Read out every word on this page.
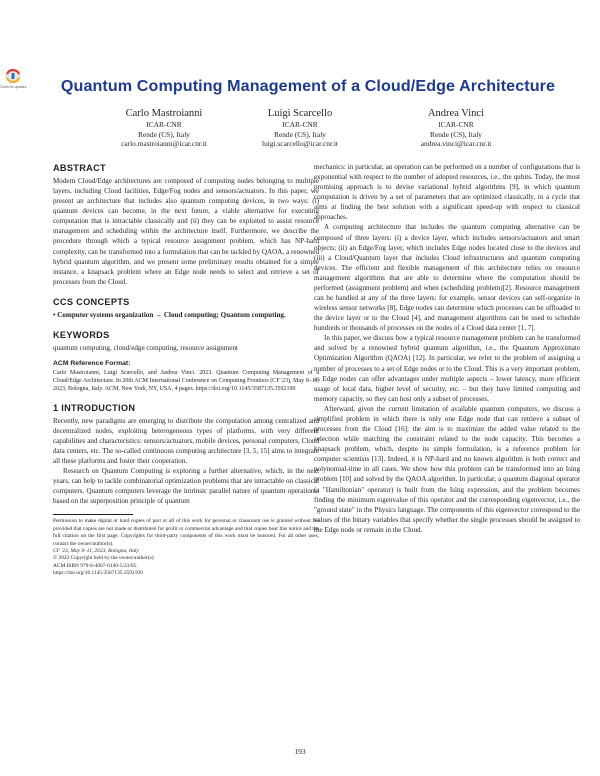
Check for updates	Quantum Computing Management of a Cloud/Edge Architecture
Carlo Mastroianni
ICAR-CNR
Rende (CS), Italy
carlo.mastroianni@icar.cnr.it
Luigi Scarcello
ICAR-CNR
Rende (CS), Italy
luigi.scarcello@icar.cnr.it
Andrea Vinci
ICAR-CNR
Rende (CS), Italy
andrea.vinci@icar.cnr.it
ABSTRACT

Modern Cloud/Edge architectures are composed of computing nodes belonging to multiple layers, including Cloud facilities, Edge/Fog nodes and sensors/actuators. In this paper, we present an architecture that includes also quantum computing devices, in two ways: (i) quantum devices can become, in the next future, a viable alternative for executing computation that is intractable classically and (ii) they can be exploited to assist resource management and scheduling within the architecture itself. Furthermore, we describe the procedure through which a typical resource assignment problem, which has NP-hard complexity, can be transformed into a formulation that can be tackled by QAOA, a renowned hybrid quantum algorithm, and we present some preliminary results obtained for a simple instance, a knapsack problem where an Edge node needs to select and retrieve a set of processes from the Cloud.

CCS CONCEPTS

• Computer systems organization → Cloud computing; Quantum computing.

KEYWORDS

quantum computing, cloud/edge computing, resource assignment

ACM Reference Format:

Carlo Mastroianni, Luigi Scarcello, and Andrea Vinci. 2023. Quantum Computing Management of a Cloud/Edge Architecture. In 20th ACM International Conference on Computing Frontiers (CF '23), May 9–11, 2023, Bologna, Italy. ACM, New York, NY, USA, 4 pages. https://doi.org/10.1145/3587135.3592190

1 INTRODUCTION

Recently, new paradigms are emerging to distribute the computation among centralized and decentralized nodes, exploiting heterogeneous types of platforms, with very different capabilities and characteristics: sensors/actuators, mobile devices, personal computers, Cloud data centers, etc. The so-called continuous computing architecture [3, 5, 15] aims to integrate all these platforms and foster their cooperation.

Research on Quantum Computing is exploring a further alternative, which, in the next years, can help to tackle combinatorial optimization problems that are intractable on classical computers. Quantum computers leverage the intrinsic parallel nature of quantum operations, based on the superposition principle of quantum

Permission to make digital or hard copies of part or all of this work for personal or classroom use is granted without fee provided that copies are not made or distributed for profit or commercial advantage and that copies bear this notice and the full citation on the first page. Copyrights for third-party components of this work must be honored. For all other uses, contact the owner/author(s).

CF '23, May 9–11, 2023, Bologna, Italy

© 2023 Copyright held by the owner/author(s).

ACM ISBN 979-8-4007-0140-5/23/05.

https://doi.org/10.1145/3587135.3592190

mechanics: in particular, an operation can be performed on a number of configurations that is exponential with respect to the number of adopted resources, i.e., the qubits. Today, the most promising approach is to devise variational hybrid algorithms [9], in which quantum computation is driven by a set of parameters that are optimized classically, in a cycle that aims at finding the best solution with a significant speed-up with respect to classical approaches.

A computing architecture that includes the quantum computing alternative can be composed of three layers: (i) a device layer, which includes sensors/actuators and smart objects; (ii) an Edge/Fog layer, which includes Edge nodes located close to the devices and (iii) a Cloud/Quantum layer that includes Cloud infrastructures and quantum computing devices. The efficient and flexible management of this architecture relies on resource management algorithms that are able to determine where the computation should be performed (assignment problem) and when (scheduling problem)[2]. Resource management can be handled at any of the three layers: for example, sensor devices can self-organize in wireless sensor networks [8], Edge nodes can determine which processes can be offloaded to the device layer or to the Cloud [4], and management algorithms can be used to schedule hundreds or thousands of processes on the nodes of a Cloud data center [1, 7].

In this paper, we discuss how a typical resource management problem can be transformed and solved by a renowned hybrid quantum algorithm, i.e., the Quantum Approximate Optimization Algorithm (QAOA) [12]. In particular, we refer to the problem of assigning a number of processes to a set of Edge nodes or to the Cloud. This is a very important problem, as Edge nodes can offer advantages under multiple aspects – lower latency, more efficient usage of local data, higher level of security, etc. – but they have limited computing and memory capacity, so they can host only a subset of processes.

Afterward, given the current limitation of available quantum computers, we discuss a simplified problem in which there is only one Edge node that can retrieve a subset of processes from the Cloud [16]: the aim is to maximize the added value related to the selection while matching the constraint related to the node capacity. This becomes a knapsack problem, which, despite its simple formulation, is a reference problem for computer scientists [13]. Indeed, it is NP-hard and no known algorithm is both correct and polynomial-time in all cases. We show how this problem can be transformed into an Ising problem [10] and solved by the QAOA algorithm. In particular, a quantum diagonal operator (a "Hamiltonian" operator) is built from the Ising expression, and the problem becomes finding the minimum eigenvalue of this operator and the corresponding eigenvector, i.e., the "ground state" in the Physics language. The components of this eigenvector correspond to the values of the binary variables that specify whether the single processes should be assigned to the Edge node or remain in the Cloud.

193
